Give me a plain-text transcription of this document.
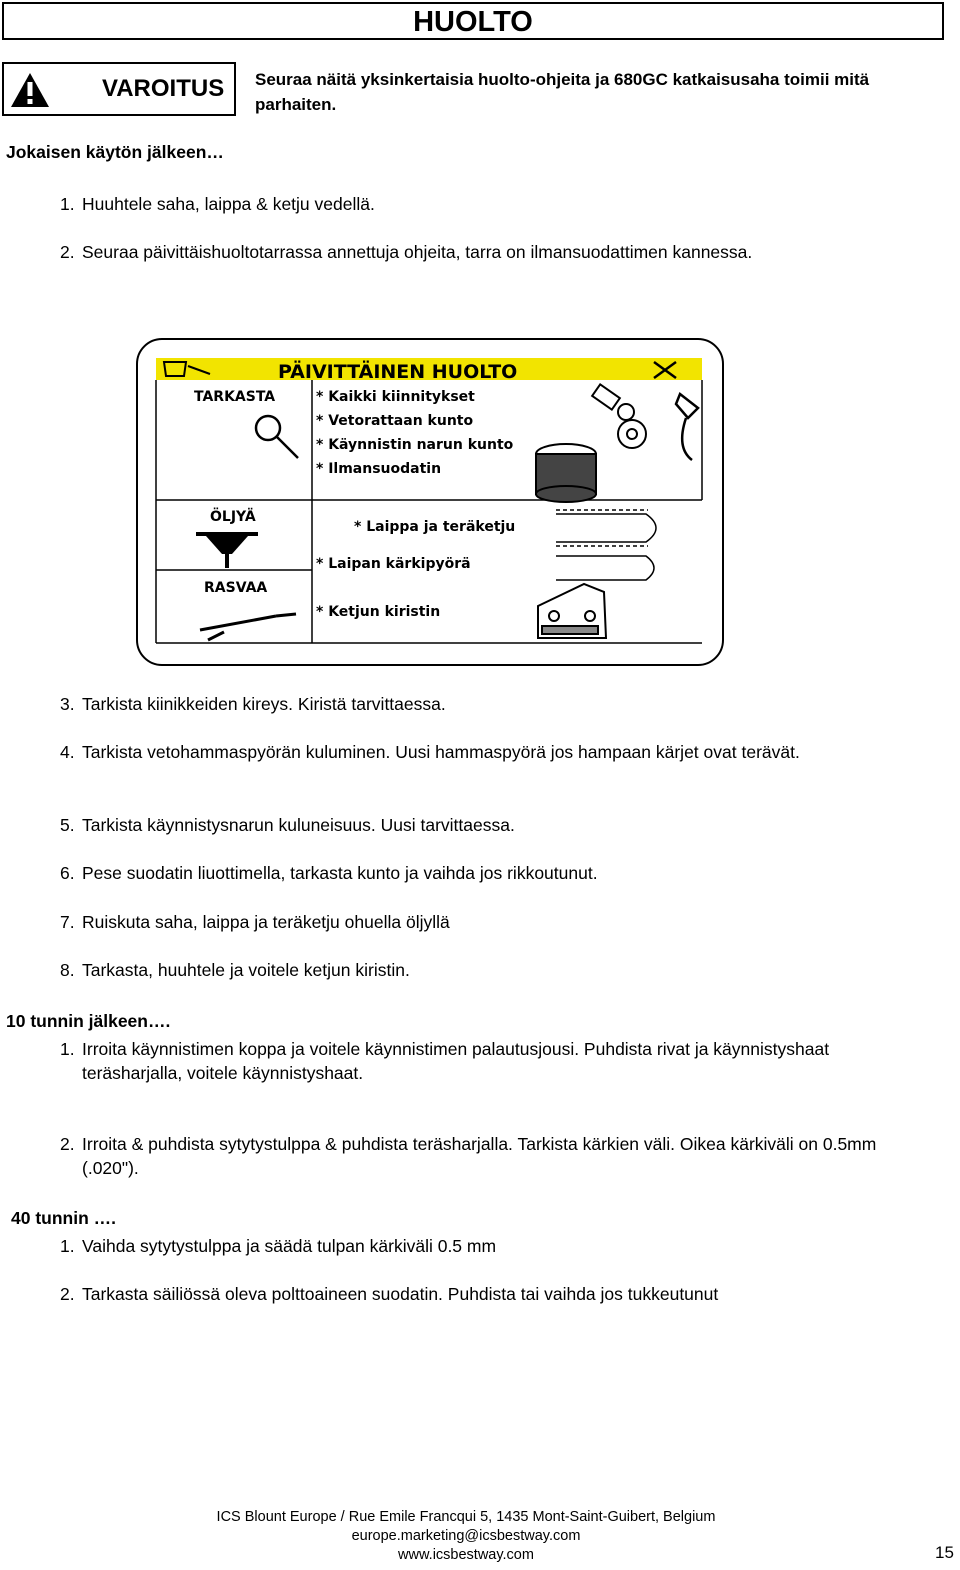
HUOLTO
VAROITUS Seuraa näitä yksinkertaisia huolto-ohjeita ja 680GC katkaisusaha toimii mitä parhaiten.
Jokaisen käytön jälkeen…
1. Huuhtele saha, laippa & ketju vedellä.
2. Seuraa päivittäishuoltotarrassa annettuja ohjeita, tarra on ilmansuodattimen kannessa.
PÄIVITTÄINEN HUOLTO
TARKASTA	* Kaikki kiinnitykset
* Vetorattaan kunto
* Käynnistin narun kunto
* Ilmansuodatin
ÖLJYÄ
* Laippa ja teräketju
* Laipan kärkipyörä
RASVAA
* Ketjun kiristin
3. Tarkista kiinikkeiden kireys. Kiristä tarvittaessa.
4. Tarkista vetohammaspyörän kuluminen. Uusi hammaspyörä jos hampaan kärjet ovat terävät.
5. Tarkista käynnistysnarun kuluneisuus. Uusi tarvittaessa.
6. Pese suodatin liuottimella, tarkasta kunto ja vaihda jos rikkoutunut.
7. Ruiskuta saha, laippa ja teräketju ohuella öljyllä
8. Tarkasta, huuhtele ja voitele ketjun kiristin.
10 tunnin jälkeen….
1. Irroita käynnistimen koppa ja voitele käynnistimen palautusjousi. Puhdista rivat ja käynnistyshaat teräsharjalla, voitele käynnistyshaat.
2. Irroita & puhdista sytytystulppa & puhdista teräsharjalla. Tarkista kärkien väli. Oikea kärkiväli on 0.5mm (.020").
40 tunnin ….
1. Vaihda sytytystulppa ja säädä tulpan kärkiväli 0.5 mm
2. Tarkasta säiliössä oleva polttoaineen suodatin. Puhdista tai vaihda jos tukkeutunut
ICS Blount Europe / Rue Emile Francqui 5, 1435 Mont-Saint-Guibert, Belgium
europe.marketing@icsbestway.com
www.icsbestway.com	15
